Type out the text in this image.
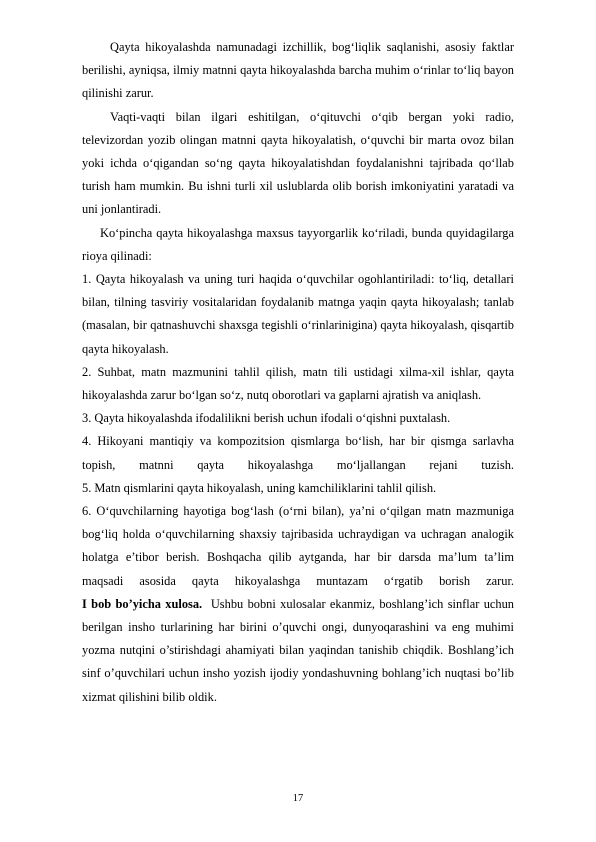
Qayta hikoyalashda namunadagi izchillik, bog‘liqlik saqlanishi, asosiy faktlar berilishi, ayniqsa, ilmiy matnni qayta hikoyalashda barcha muhim o‘rinlar to‘liq bayon qilinishi zarur.

Vaqti-vaqti bilan ilgari eshitilgan, o‘qituvchi o‘qib bergan yoki radio, televizordan yozib olingan matnni qayta hikoyalatish, o‘quvchi bir marta ovoz bilan yoki ichda o‘qigandan so‘ng qayta hikoyalatishdan foydalanishni tajribada qo‘llab turish ham mumkin. Bu ishni turli xil uslublarda olib borish imkoniyatini yaratadi va uni jonlantiradi.

Ko‘pincha qayta hikoyalashga maxsus tayyorgarlik ko‘riladi, bunda quyidagilarga rioya qilinadi:

1. Qayta hikoyalash va uning turi haqida o‘quvchilar ogohlantiriladi: to‘liq, detallari bilan, tilning tasviriy vositalaridan foydalanib matnga yaqin qayta hikoyalash; tanlab (masalan, bir qatnashuvchi shaxsga tegishli o‘rinlarinigina) qayta hikoyalash, qisqartib qayta hikoyalash.

2. Suhbat, matn mazmunini tahlil qilish, matn tili ustidagi xilma-xil ishlar, qayta hikoyalashda zarur bo‘lgan so‘z, nutq oborotlari va gaplarni ajratish va aniqlash.

3. Qayta hikoyalashda ifodalilikni berish uchun ifodali o‘qishni puxtalash.

4. Hikoyani mantiqiy va kompozitsion qismlarga bo‘lish, har bir qismga sarlavha topish, matnni qayta hikoyalashga mo‘ljallangan rejani tuzish.

5. Matn qismlarini qayta hikoyalash, uning kamchiliklarini tahlil qilish.

6. O‘quvchilarning hayotiga bog‘lash (o‘rni bilan), ya’ni o‘qilgan matn mazmuniga bog‘liq holda o‘quvchilarning shaxsiy tajribasida uchraydigan va uchragan analogik holatga e’tibor berish. Boshqacha qilib aytganda, har bir darsda ma’lum ta’lim maqsadi asosida qayta hikoyalashga muntazam o‘rgatib borish zarur.

I bob bo’yicha xulosa. Ushbu bobni xulosalar ekanmiz, boshlang’ich sinflar uchun berilgan insho turlarining har birini o’quvchi ongi, dunyoqarashini va eng muhimi yozma nutqini o’stirishdagi ahamiyati bilan yaqindan tanishib chiqdik. Boshlang’ich sinf o’quvchilari uchun insho yozish ijodiy yondashuvning bohlang’ich nuqtasi bo’lib xizmat qilishini bilib oldik.

17
